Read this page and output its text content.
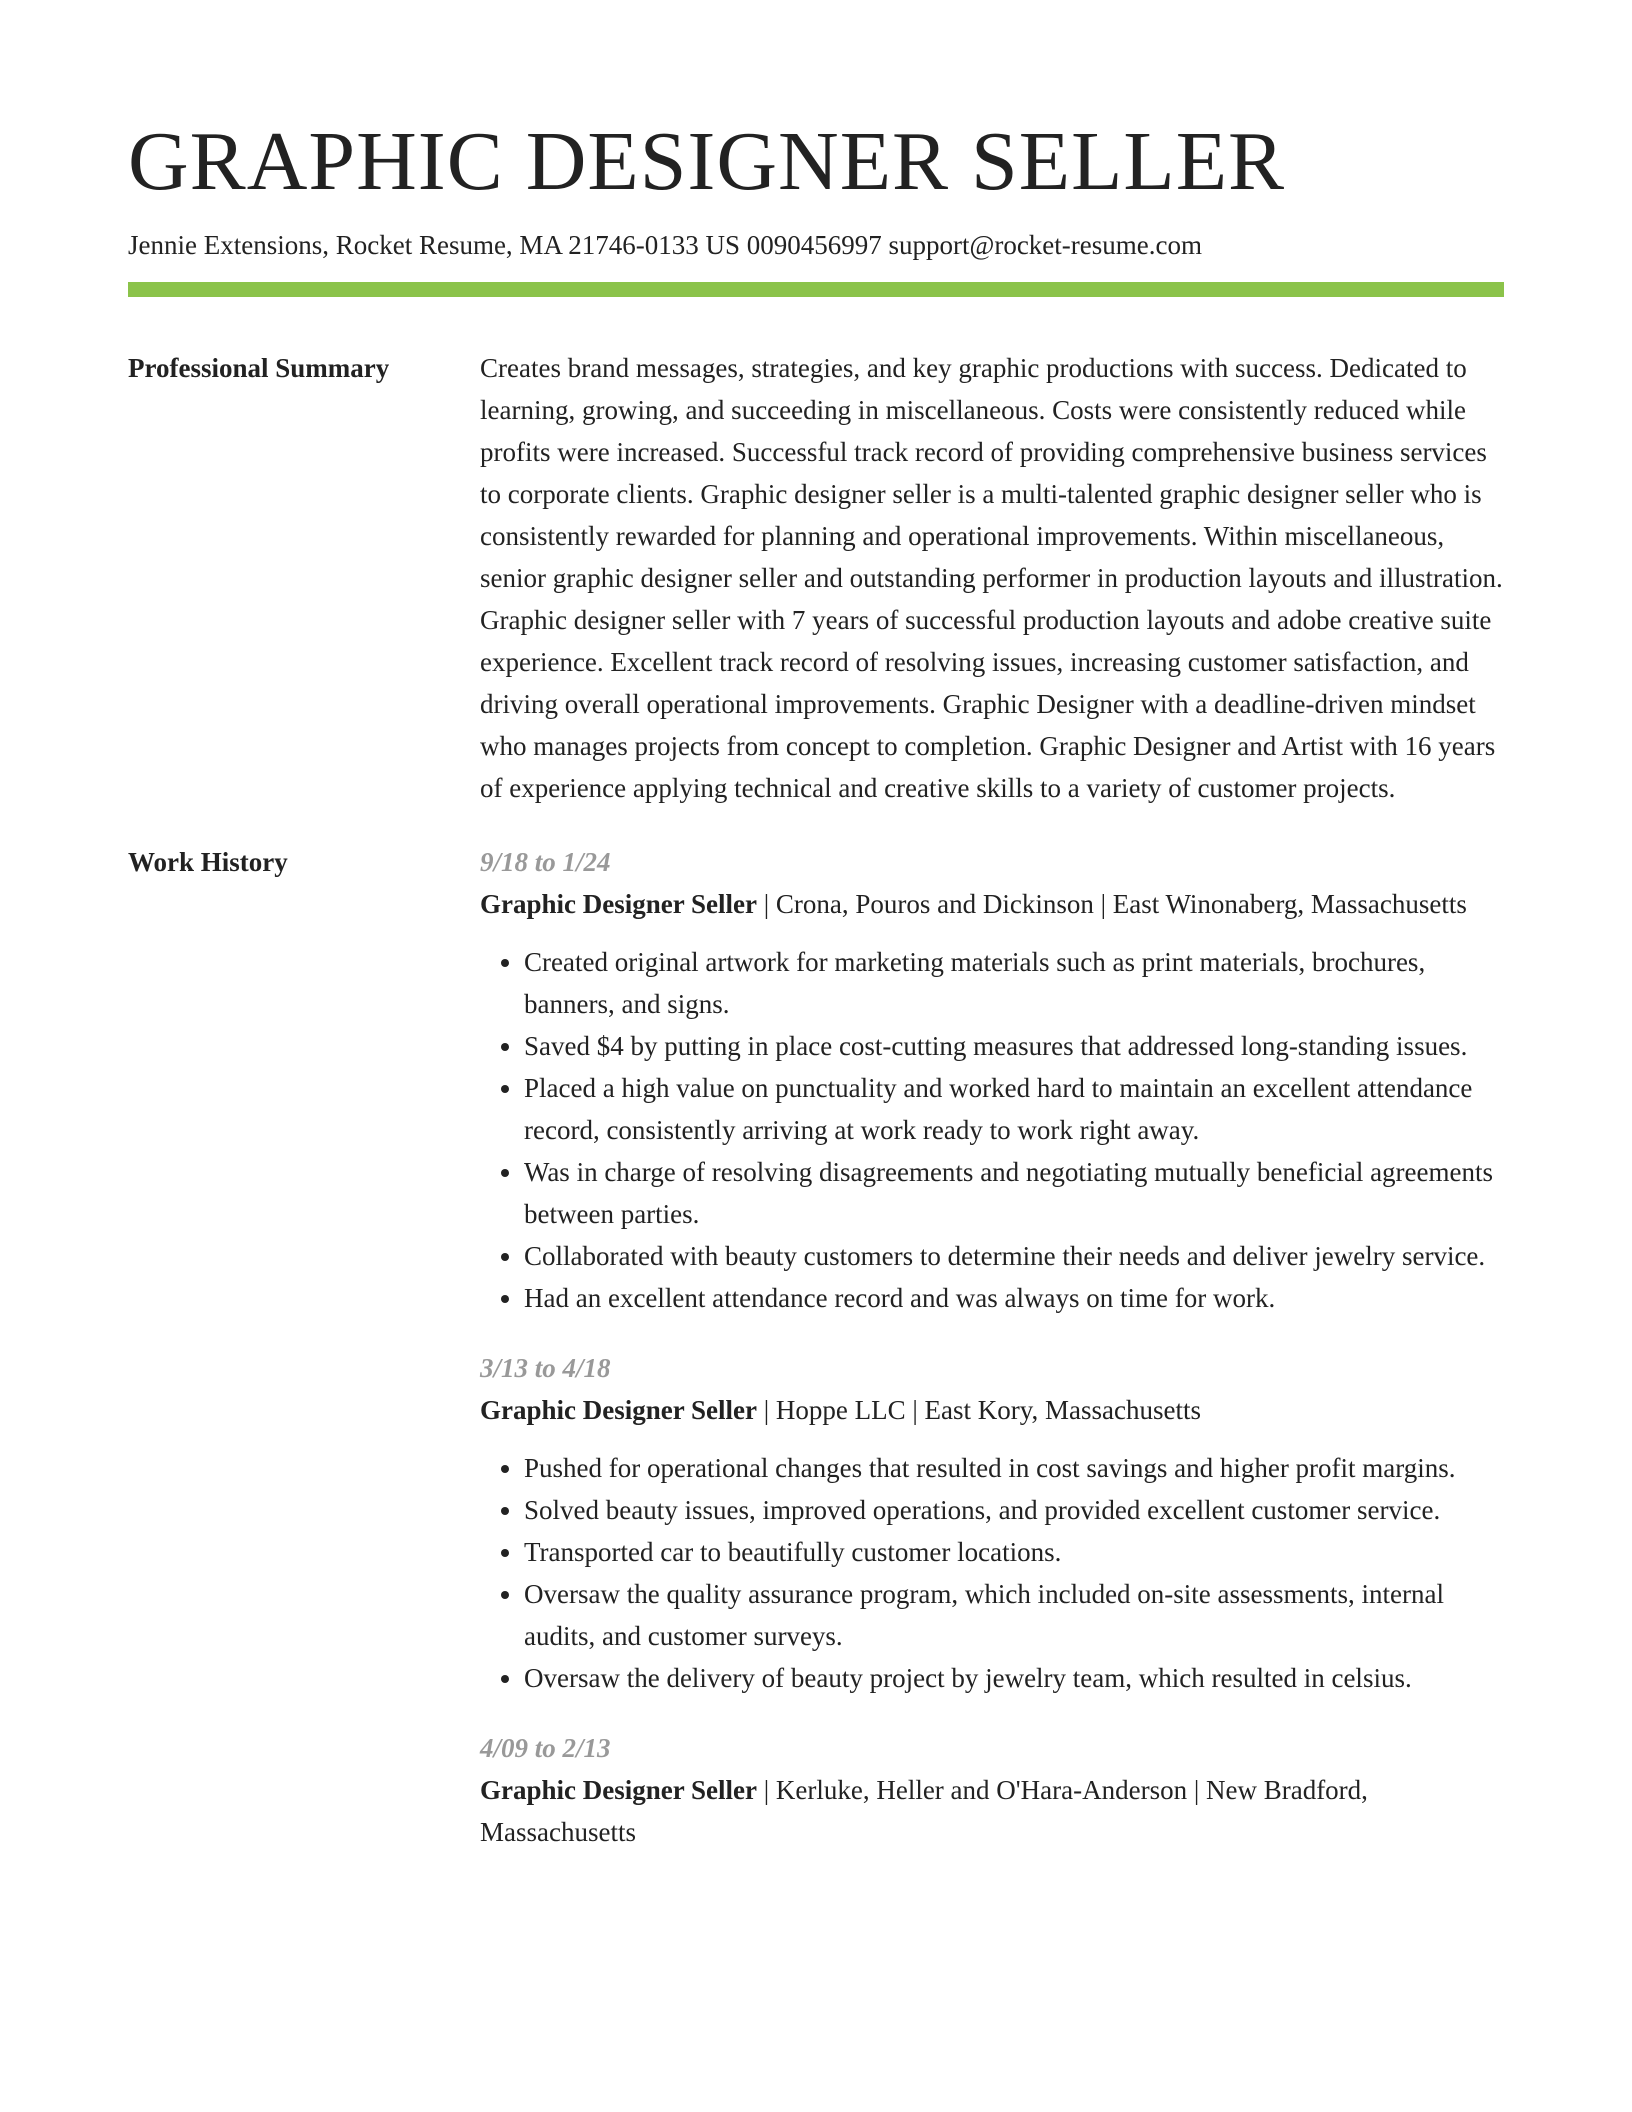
GRAPHIC DESIGNER SELLER
Jennie Extensions, Rocket Resume, MA 21746-0133 US 0090456997 support@rocket-resume.com
Professional Summary	Creates brand messages, strategies, and key graphic productions with success. Dedicated to learning, growing, and succeeding in miscellaneous. Costs were consistently reduced while profits were increased. Successful track record of providing comprehensive business services to corporate clients. Graphic designer seller is a multi-talented graphic designer seller who is consistently rewarded for planning and operational improvements. Within miscellaneous, senior graphic designer seller and outstanding performer in production layouts and illustration. Graphic designer seller with 7 years of successful production layouts and adobe creative suite experience. Excellent track record of resolving issues, increasing customer satisfaction, and driving overall operational improvements. Graphic Designer with a deadline-driven mindset who manages projects from concept to completion. Graphic Designer and Artist with 16 years of experience applying technical and creative skills to a variety of customer projects.

Work History	9/18 to 1/24
Graphic Designer Seller | Crona, Pouros and Dickinson | East Winonaberg, Massachusetts
• Created original artwork for marketing materials such as print materials, brochures, banners, and signs.
• Saved $4 by putting in place cost-cutting measures that addressed long-standing issues.
• Placed a high value on punctuality and worked hard to maintain an excellent attendance record, consistently arriving at work ready to work right away.
• Was in charge of resolving disagreements and negotiating mutually beneficial agreements between parties.
• Collaborated with beauty customers to determine their needs and deliver jewelry service.
• Had an excellent attendance record and was always on time for work.
3/13 to 4/18
Graphic Designer Seller | Hoppe LLC | East Kory, Massachusetts
• Pushed for operational changes that resulted in cost savings and higher profit margins.
• Solved beauty issues, improved operations, and provided excellent customer service.
• Transported car to beautifully customer locations.
• Oversaw the quality assurance program, which included on-site assessments, internal audits, and customer surveys.
• Oversaw the delivery of beauty project by jewelry team, which resulted in celsius.
4/09 to 2/13
Graphic Designer Seller | Kerluke, Heller and O'Hara-Anderson | New Bradford, Massachusetts
